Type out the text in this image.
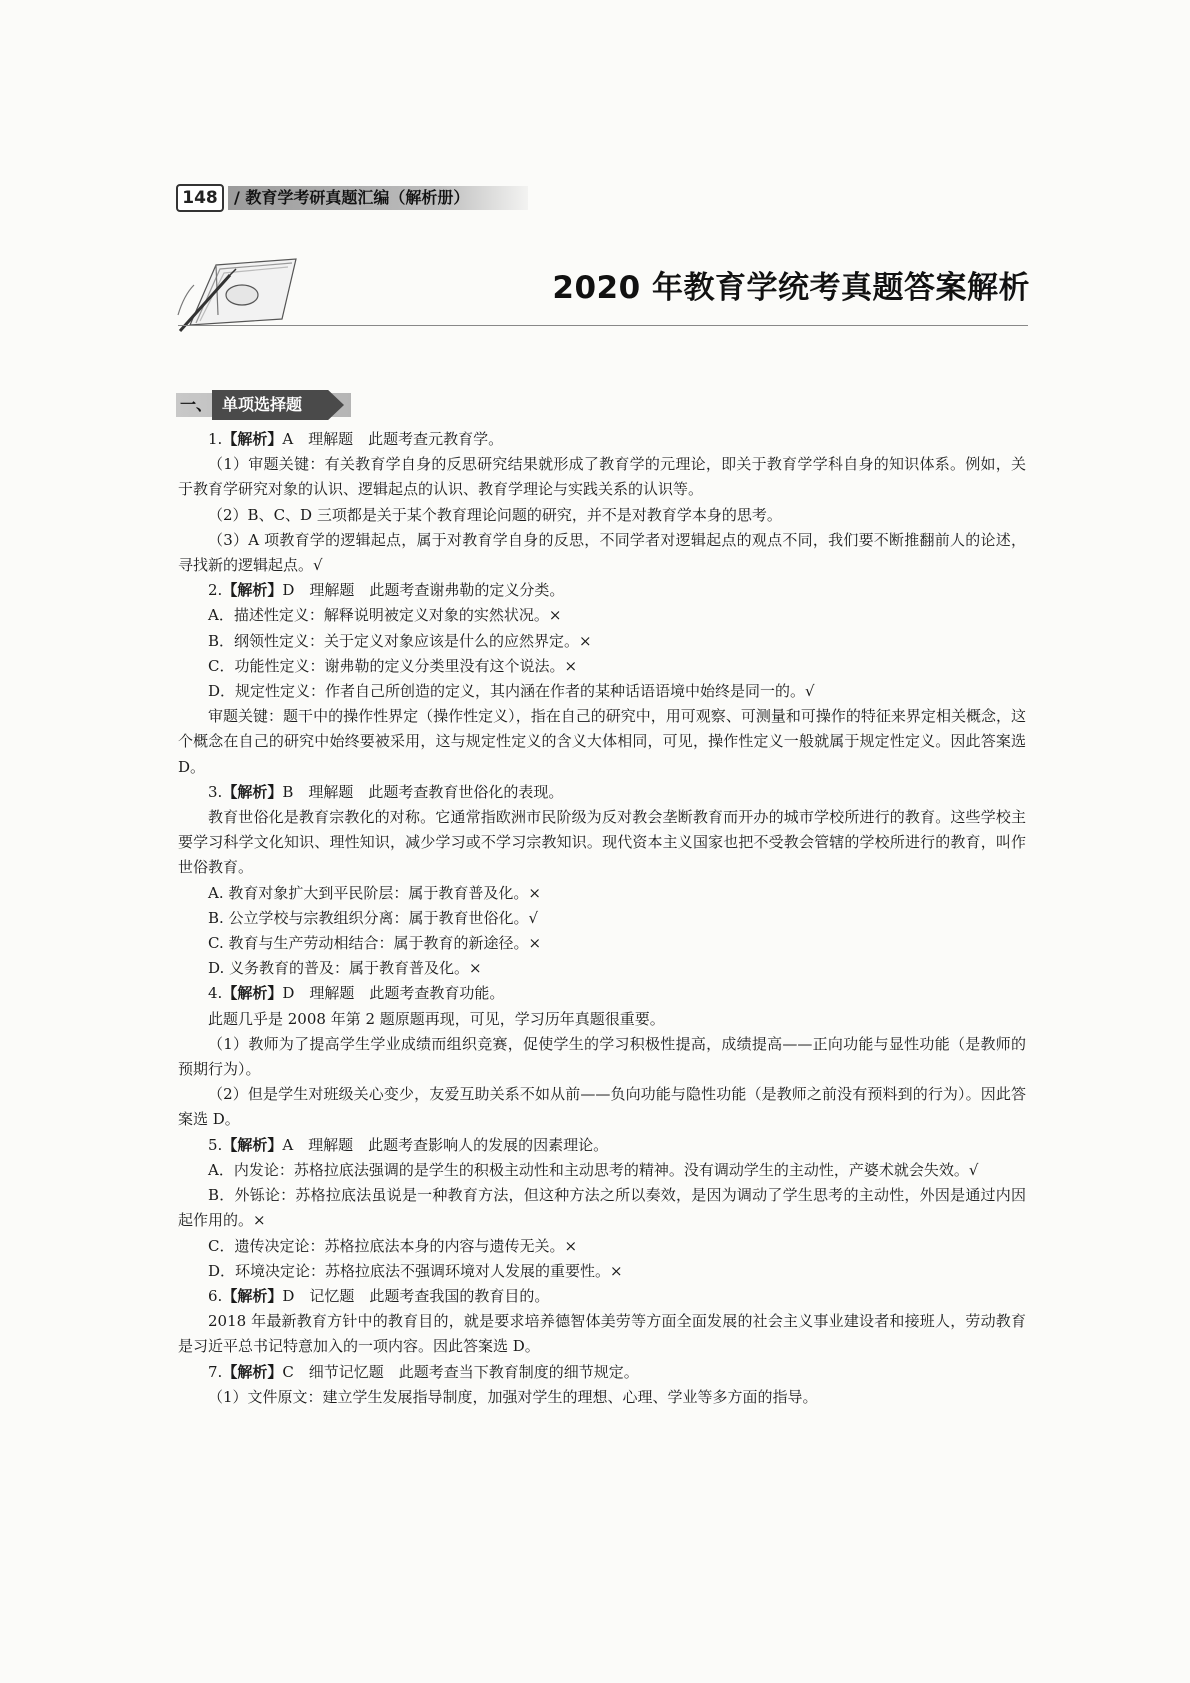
148	/ 教育学考研真题汇编（解析册）
2020 年教育学统考真题答案解析
一、 单项选择题

1.【解析】A　理解题　此题考查元教育学。

（1）审题关键：有关教育学自身的反思研究结果就形成了教育学的元理论，即关于教育学学科自身的知识体系。例如，关于教育学研究对象的认识、逻辑起点的认识、教育学理论与实践关系的认识等。

（2）B、C、D 三项都是关于某个教育理论问题的研究，并不是对教育学本身的思考。

（3）A 项教育学的逻辑起点，属于对教育学自身的反思，不同学者对逻辑起点的观点不同，我们要不断推翻前人的论述，寻找新的逻辑起点。√

2.【解析】D　理解题　此题考查谢弗勒的定义分类。

A．描述性定义：解释说明被定义对象的实然状况。×

B．纲领性定义：关于定义对象应该是什么的应然界定。×

C．功能性定义：谢弗勒的定义分类里没有这个说法。×

D．规定性定义：作者自己所创造的定义，其内涵在作者的某种话语语境中始终是同一的。√

审题关键：题干中的操作性界定（操作性定义），指在自己的研究中，用可观察、可测量和可操作的特征来界定相关概念，这个概念在自己的研究中始终要被采用，这与规定性定义的含义大体相同，可见，操作性定义一般就属于规定性定义。因此答案选 D。

3.【解析】B　理解题　此题考查教育世俗化的表现。

教育世俗化是教育宗教化的对称。它通常指欧洲市民阶级为反对教会垄断教育而开办的城市学校所进行的教育。这些学校主要学习科学文化知识、理性知识，减少学习或不学习宗教知识。现代资本主义国家也把不受教会管辖的学校所进行的教育，叫作世俗教育。

A. 教育对象扩大到平民阶层：属于教育普及化。×

B. 公立学校与宗教组织分离：属于教育世俗化。√

C. 教育与生产劳动相结合：属于教育的新途径。×

D. 义务教育的普及：属于教育普及化。×

4.【解析】D　理解题　此题考查教育功能。

此题几乎是 2008 年第 2 题原题再现，可见，学习历年真题很重要。

（1）教师为了提高学生学业成绩而组织竞赛，促使学生的学习积极性提高，成绩提高——正向功能与显性功能（是教师的预期行为）。

（2）但是学生对班级关心变少，友爱互助关系不如从前——负向功能与隐性功能（是教师之前没有预料到的行为）。因此答案选 D。

5.【解析】A　理解题　此题考查影响人的发展的因素理论。

A．内发论：苏格拉底法强调的是学生的积极主动性和主动思考的精神。没有调动学生的主动性，产婆术就会失效。√

B．外铄论：苏格拉底法虽说是一种教育方法，但这种方法之所以奏效，是因为调动了学生思考的主动性，外因是通过内因起作用的。×

C．遗传决定论：苏格拉底法本身的内容与遗传无关。×

D．环境决定论：苏格拉底法不强调环境对人发展的重要性。×

6.【解析】D　记忆题　此题考查我国的教育目的。

2018 年最新教育方针中的教育目的，就是要求培养德智体美劳等方面全面发展的社会主义事业建设者和接班人，劳动教育是习近平总书记特意加入的一项内容。因此答案选 D。

7.【解析】C　细节记忆题　此题考查当下教育制度的细节规定。

（1）文件原文：建立学生发展指导制度，加强对学生的理想、心理、学业等多方面的指导。
